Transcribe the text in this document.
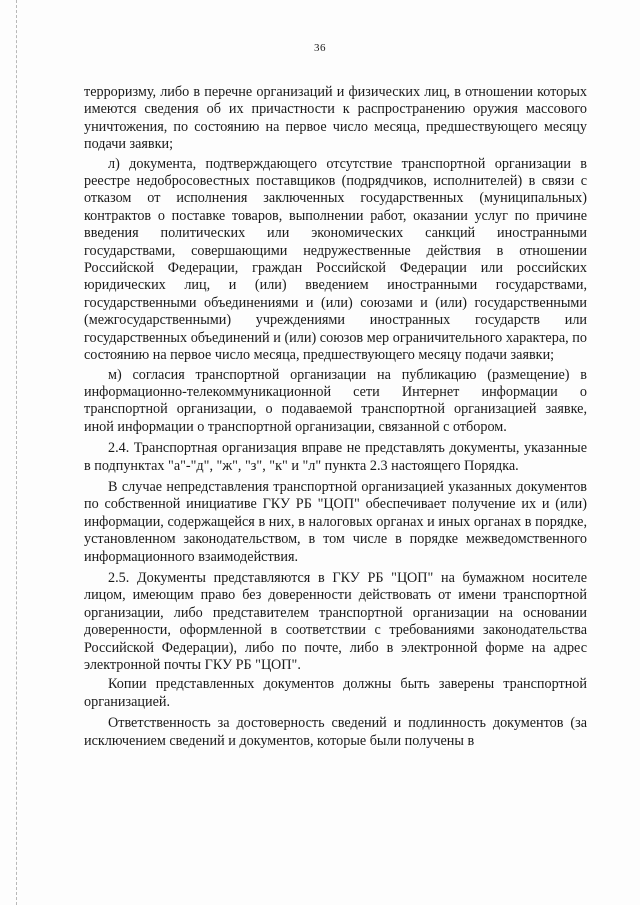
36

терроризму, либо в перечне организаций и физических лиц, в отношении которых имеются сведения об их причастности к распространению оружия массового уничтожения, по состоянию на первое число месяца, предшествующего месяцу подачи заявки;

л) документа, подтверждающего отсутствие транспортной организации в реестре недобросовестных поставщиков (подрядчиков, исполнителей) в связи с отказом от исполнения заключенных государственных (муниципальных) контрактов о поставке товаров, выполнении работ, оказании услуг по причине введения политических или экономических санкций иностранными государствами, совершающими недружественные действия в отношении Российской Федерации, граждан Российской Федерации или российских юридических лиц, и (или) введением иностранными государствами, государственными объединениями и (или) союзами и (или) государственными (межгосударственными) учреждениями иностранных государств или государственных объединений и (или) союзов мер ограничительного характера, по состоянию на первое число месяца, предшествующего месяцу подачи заявки;

м) согласия транспортной организации на публикацию (размещение) в информационно-телекоммуникационной сети Интернет информации о транспортной организации, о подаваемой транспортной организацией заявке, иной информации о транспортной организации, связанной с отбором.

2.4. Транспортная организация вправе не представлять документы, указанные в подпунктах "а"-"д", "ж", "з", "к" и "л" пункта 2.3 настоящего Порядка.

В случае непредставления транспортной организацией указанных документов по собственной инициативе ГКУ РБ "ЦОП" обеспечивает получение их и (или) информации, содержащейся в них, в налоговых органах и иных органах в порядке, установленном законодательством, в том числе в порядке межведомственного информационного взаимодействия.

2.5. Документы представляются в ГКУ РБ "ЦОП" на бумажном носителе лицом, имеющим право без доверенности действовать от имени транспортной организации, либо представителем транспортной организации на основании доверенности, оформленной в соответствии с требованиями законодательства Российской Федерации), либо по почте, либо в электронной форме на адрес электронной почты ГКУ РБ "ЦОП".

Копии представленных документов должны быть заверены транспортной организацией.

Ответственность за достоверность сведений и подлинность документов (за исключением сведений и документов, которые были получены в
